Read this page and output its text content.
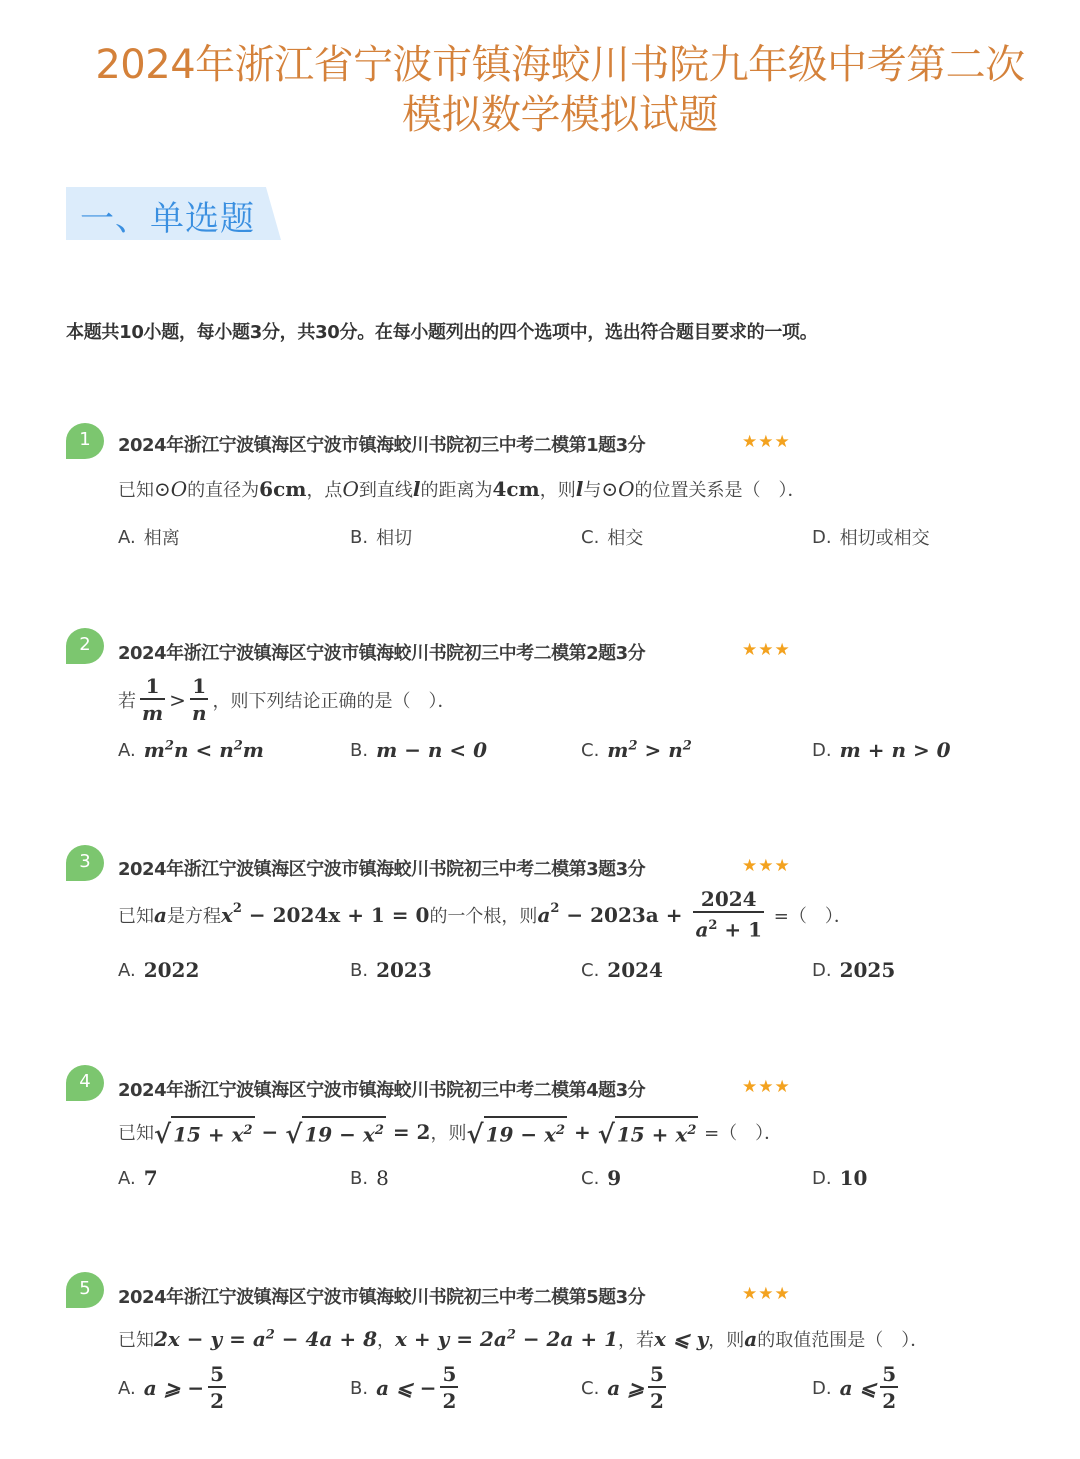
2024年浙江省宁波市镇海蛟川书院九年级中考第二次
模拟数学模拟试题
一、单选题
本题共10小题，每小题3分，共30分。在每小题列出的四个选项中，选出符合题目要求的一项。
1	2024年浙江宁波镇海区宁波市镇海蛟川书院初三中考二模第1题3分	★★★
已知 ⊙ O 的直径为 6cm ，点 O 到直线 l 的距离为 4cm ，则 l 与 ⊙ O 的位置关系是（　）．
A. 相离	B. 相切	C. 相交	D. 相切或相交
2	2024年浙江宁波镇海区宁波市镇海蛟川书院初三中考二模第2题3分	★★★
若 $\frac{1}{m} > \frac{1}{n}$ ，则下列结论正确的是（　）．
A. $m^2n < n^2m$	B. m − n < 0	C. $m^2 > n^2$	D. m + n > 0
3	2024年浙江宁波镇海区宁波市镇海蛟川书院初三中考二模第3题3分	★★★
已知 a 是方程 $x^2 - 2024x + 1 = 0$ 的一个根，则 $a^2 - 2023a + \frac{2024}{a^2 + 1}$ =（　）．
A. 2022	B. 2023	C. 2024	D. 2025
4	2024年浙江宁波镇海区宁波市镇海蛟川书院初三中考二模第4题3分	★★★
已知 √ $15 + x^2$ − √ $19 - x^2 = 2$ ，则 √ $19 - x^2$ + √ $15 + x^2$ =（　）．
A. 7	B. 8	C. 9	D. 10
5	2024年浙江宁波镇海区宁波市镇海蛟川书院初三中考二模第5题3分	★★★
已知 $2x - y = a^2 - 4a + 8$ ， $x + y = 2a^2 - 2a + 1$ ，若 x ⩽ y ，则 a 的取值范围是（　）．
A. a ⩾ − $\frac{5}{2}$	B. a ⩽ − $\frac{5}{2}$	C. a ⩾ $\frac{5}{2}$	D. a ⩽ $\frac{5}{2}$
